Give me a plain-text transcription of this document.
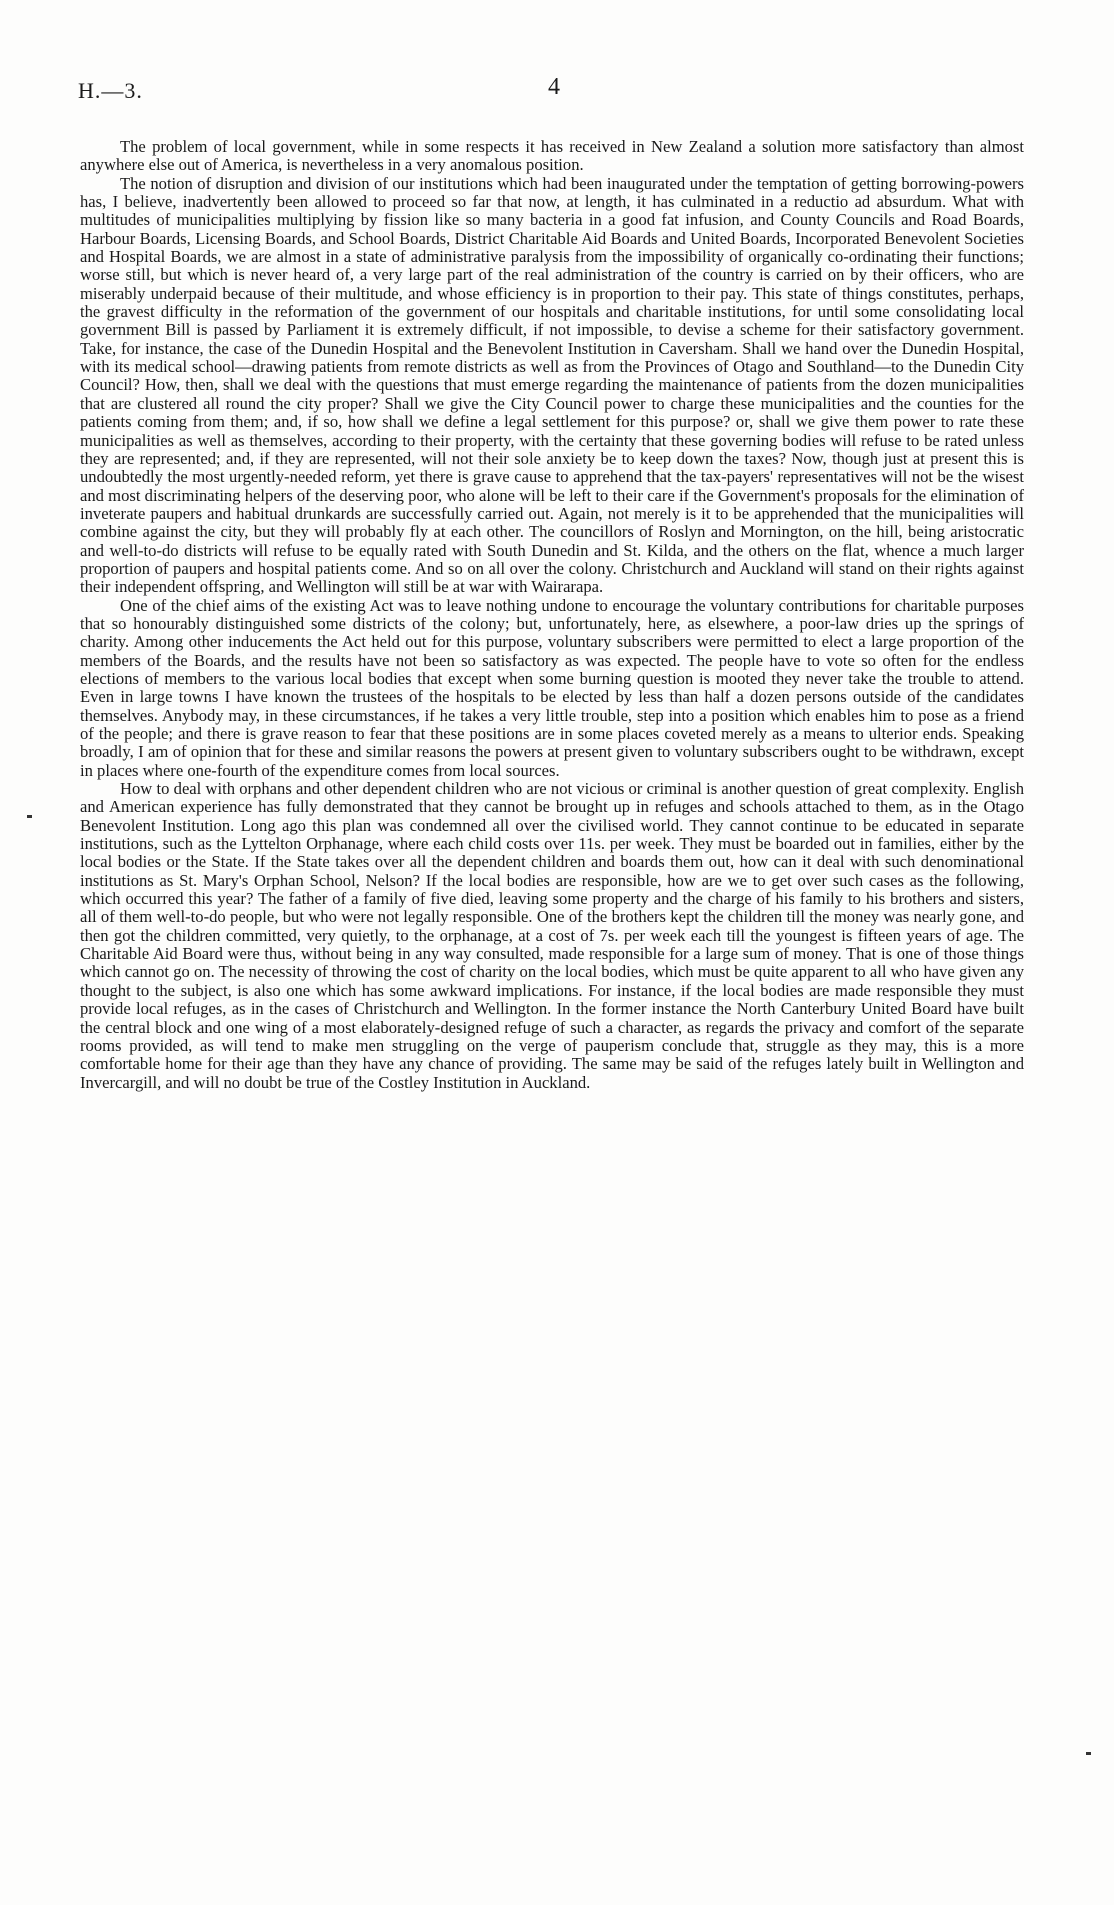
H.—3.	4

The problem of local government, while in some respects it has received in New Zealand a solution more satisfactory than almost anywhere else out of America, is nevertheless in a very anomalous position.

The notion of disruption and division of our institutions which had been inaugurated under the temptation of getting borrowing-powers has, I believe, inadvertently been allowed to proceed so far that now, at length, it has culminated in a reductio ad absurdum. What with multitudes of municipalities multiplying by fission like so many bacteria in a good fat infusion, and County Councils and Road Boards, Harbour Boards, Licensing Boards, and School Boards, District Charitable Aid Boards and United Boards, Incorporated Benevolent Societies and Hospital Boards, we are almost in a state of administrative paralysis from the impossibility of organically co-ordinating their functions; worse still, but which is never heard of, a very large part of the real administration of the country is carried on by their officers, who are miserably underpaid because of their multitude, and whose efficiency is in proportion to their pay. This state of things constitutes, perhaps, the gravest difficulty in the reformation of the government of our hospitals and charitable institutions, for until some consolidating local government Bill is passed by Parliament it is extremely difficult, if not impossible, to devise a scheme for their satisfactory government. Take, for instance, the case of the Dunedin Hospital and the Benevolent Institution in Caversham. Shall we hand over the Dunedin Hospital, with its medical school—drawing patients from remote districts as well as from the Provinces of Otago and Southland—to the Dunedin City Council? How, then, shall we deal with the questions that must emerge regarding the maintenance of patients from the dozen municipalities that are clustered all round the city proper? Shall we give the City Council power to charge these municipalities and the counties for the patients coming from them; and, if so, how shall we define a legal settlement for this purpose? or, shall we give them power to rate these municipalities as well as themselves, according to their property, with the certainty that these governing bodies will refuse to be rated unless they are represented; and, if they are represented, will not their sole anxiety be to keep down the taxes? Now, though just at present this is undoubtedly the most urgently-needed reform, yet there is grave cause to apprehend that the tax-payers' representatives will not be the wisest and most discriminating helpers of the deserving poor, who alone will be left to their care if the Government's proposals for the elimination of inveterate paupers and habitual drunkards are successfully carried out. Again, not merely is it to be apprehended that the municipalities will combine against the city, but they will probably fly at each other. The councillors of Roslyn and Mornington, on the hill, being aristocratic and well-to-do districts will refuse to be equally rated with South Dunedin and St. Kilda, and the others on the flat, whence a much larger proportion of paupers and hospital patients come. And so on all over the colony. Christchurch and Auckland will stand on their rights against their independent offspring, and Wellington will still be at war with Wairarapa.

One of the chief aims of the existing Act was to leave nothing undone to encourage the voluntary contributions for charitable purposes that so honourably distinguished some districts of the colony; but, unfortunately, here, as elsewhere, a poor-law dries up the springs of charity. Among other inducements the Act held out for this purpose, voluntary subscribers were permitted to elect a large proportion of the members of the Boards, and the results have not been so satisfactory as was expected. The people have to vote so often for the endless elections of members to the various local bodies that except when some burning question is mooted they never take the trouble to attend. Even in large towns I have known the trustees of the hospitals to be elected by less than half a dozen persons outside of the candidates themselves. Anybody may, in these circumstances, if he takes a very little trouble, step into a position which enables him to pose as a friend of the people; and there is grave reason to fear that these positions are in some places coveted merely as a means to ulterior ends. Speaking broadly, I am of opinion that for these and similar reasons the powers at present given to voluntary subscribers ought to be withdrawn, except in places where one-fourth of the expenditure comes from local sources.

How to deal with orphans and other dependent children who are not vicious or criminal is another question of great complexity. English and American experience has fully demonstrated that they cannot be brought up in refuges and schools attached to them, as in the Otago Benevolent Institution. Long ago this plan was condemned all over the civilised world. They cannot continue to be educated in separate institutions, such as the Lyttelton Orphanage, where each child costs over 11s. per week. They must be boarded out in families, either by the local bodies or the State. If the State takes over all the dependent children and boards them out, how can it deal with such denominational institutions as St. Mary's Orphan School, Nelson? If the local bodies are responsible, how are we to get over such cases as the following, which occurred this year? The father of a family of five died, leaving some property and the charge of his family to his brothers and sisters, all of them well-to-do people, but who were not legally responsible. One of the brothers kept the children till the money was nearly gone, and then got the children committed, very quietly, to the orphanage, at a cost of 7s. per week each till the youngest is fifteen years of age. The Charitable Aid Board were thus, without being in any way consulted, made responsible for a large sum of money. That is one of those things which cannot go on. The necessity of throwing the cost of charity on the local bodies, which must be quite apparent to all who have given any thought to the subject, is also one which has some awkward implications. For instance, if the local bodies are made responsible they must provide local refuges, as in the cases of Christchurch and Wellington. In the former instance the North Canterbury United Board have built the central block and one wing of a most elaborately-designed refuge of such a character, as regards the privacy and comfort of the separate rooms provided, as will tend to make men struggling on the verge of pauperism conclude that, struggle as they may, this is a more comfortable home for their age than they have any chance of providing. The same may be said of the refuges lately built in Wellington and Invercargill, and will no doubt be true of the Costley Institution in Auckland.
